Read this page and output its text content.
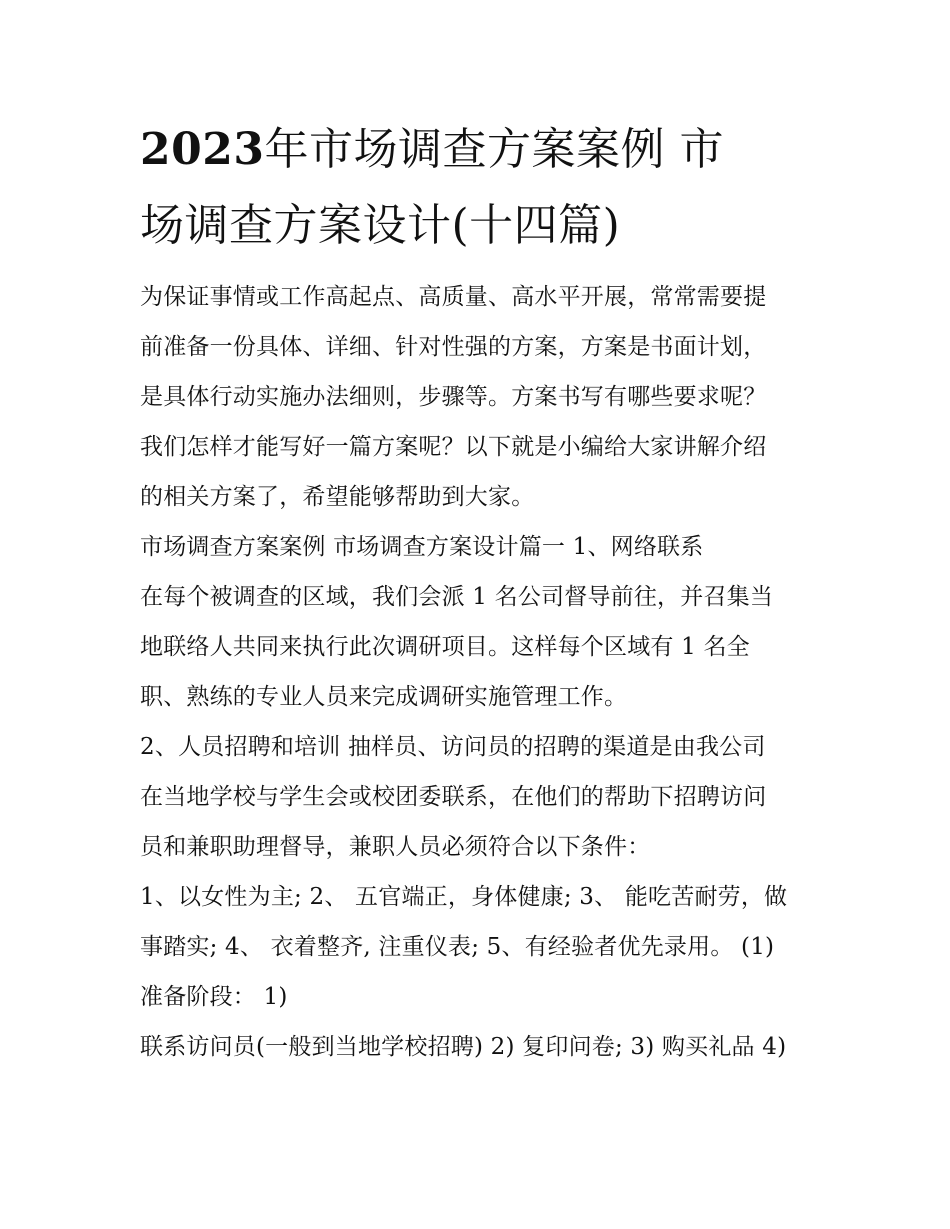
2023年市场调查方案案例 市
场调查方案设计(十四篇)

为保证事情或工作高起点、高质量、高水平开展，常常需要提
前准备一份具体、详细、针对性强的方案，方案是书面计划，
是具体行动实施办法细则，步骤等。方案书写有哪些要求呢？
我们怎样才能写好一篇方案呢？以下就是小编给大家讲解介绍
的相关方案了，希望能够帮助到大家。

市场调查方案案例 市场调查方案设计篇一 1、网络联系

在每个被调查的区域，我们会派 1 名公司督导前往，并召集当
地联络人共同来执行此次调研项目。这样每个区域有 1 名全
职、熟练的专业人员来完成调研实施管理工作。

2、人员招聘和培训 抽样员、访问员的招聘的渠道是由我公司
在当地学校与学生会或校团委联系，在他们的帮助下招聘访问
员和兼职助理督导，兼职人员必须符合以下条件：

1、以女性为主; 2、 五官端正，身体健康; 3、 能吃苦耐劳，做
事踏实; 4、 衣着整齐, 注重仪表; 5、有经验者优先录用。 (1)
准备阶段： 1)

联系访问员(一般到当地学校招聘) 2) 复印问卷; 3) 购买礼品 4)
